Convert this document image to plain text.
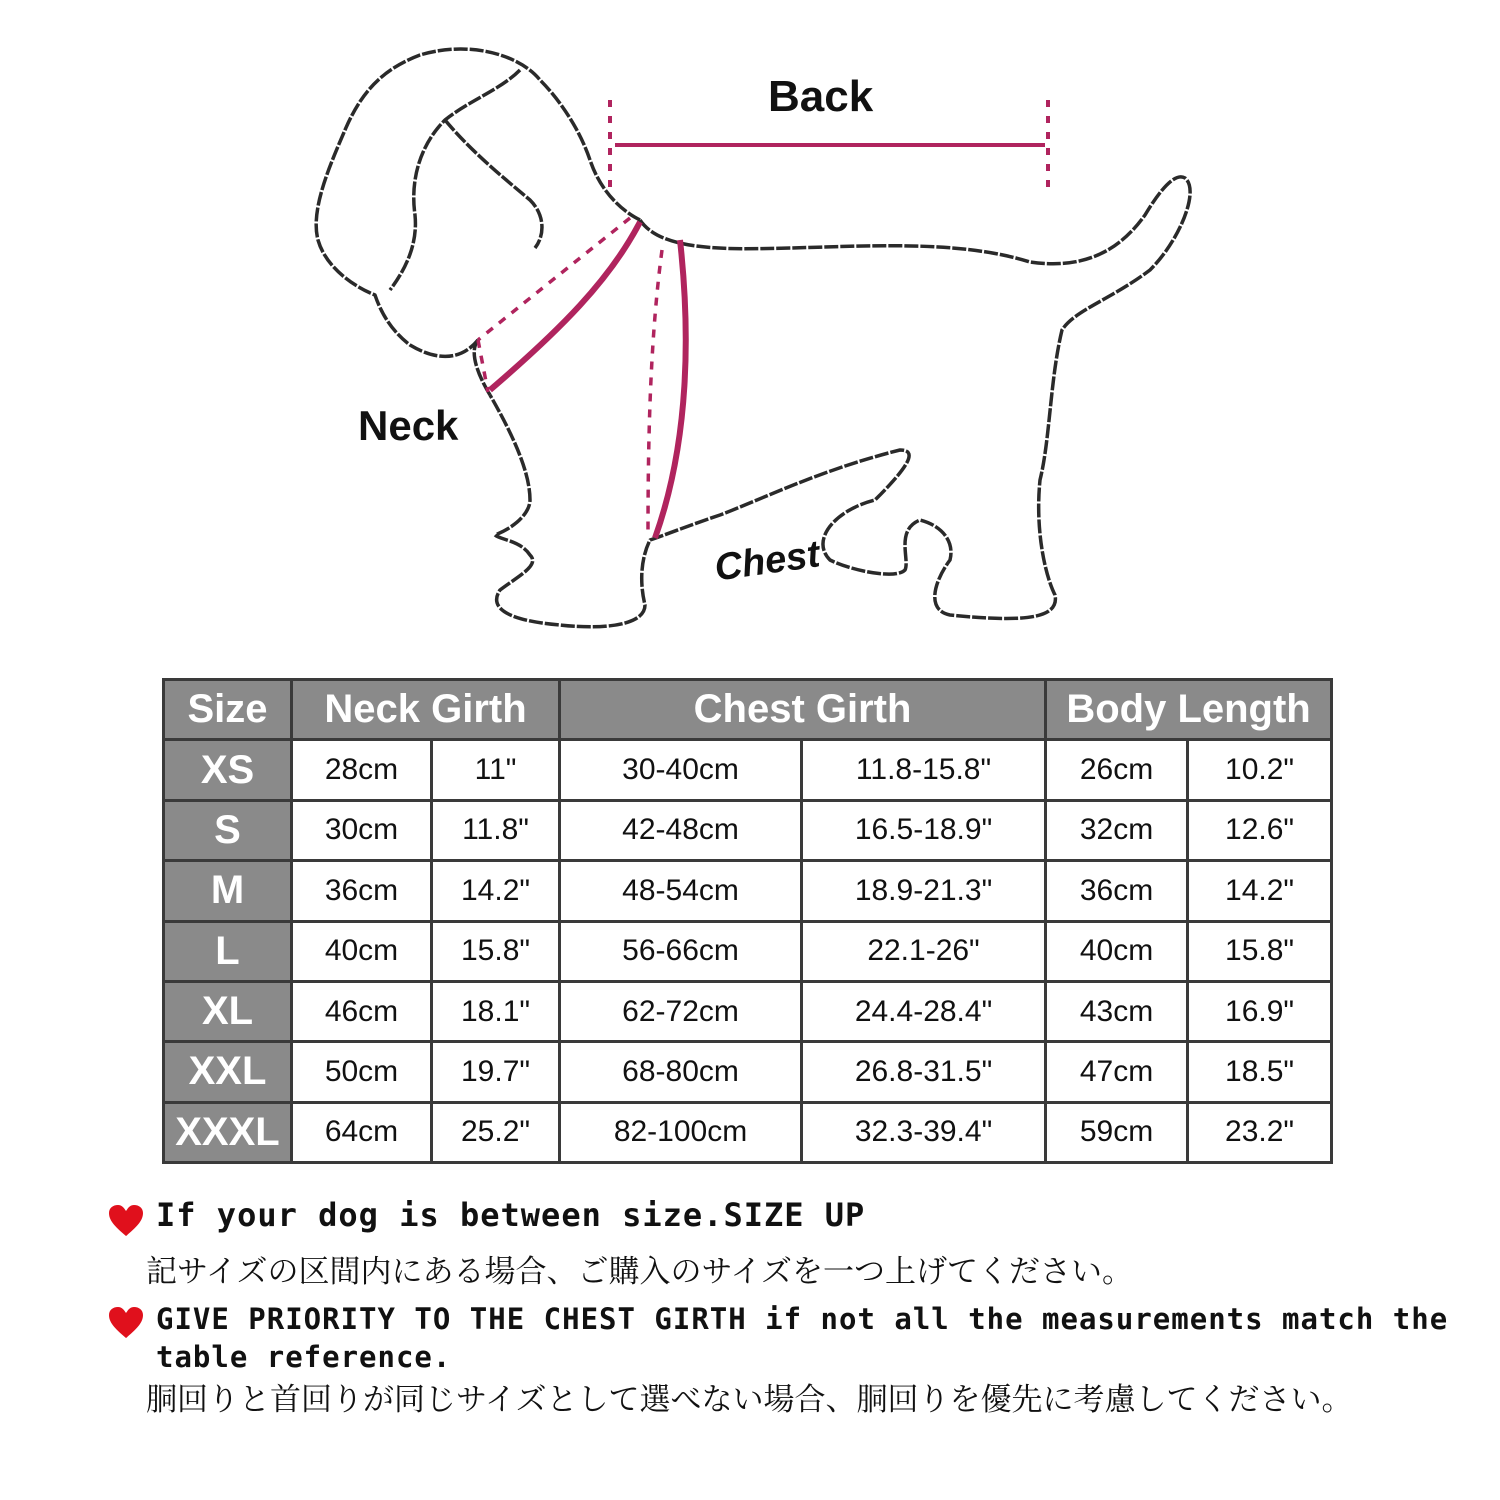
Back
Neck
Chest
Size	Neck Girth		Chest Girth		Body Length	
XS	28cm	11"	30-40cm	11.8-15.8"	26cm	10.2"
S	30cm	11.8"	42-48cm	16.5-18.9"	32cm	12.6"
M	36cm	14.2"	48-54cm	18.9-21.3"	36cm	14.2"
L	40cm	15.8"	56-66cm	22.1-26"	40cm	15.8"
XL	46cm	18.1"	62-72cm	24.4-28.4"	43cm	16.9"
XXL	50cm	19.7"	68-80cm	26.8-31.5"	47cm	18.5"
XXXL	64cm	25.2"	82-100cm	32.3-39.4"	59cm	23.2"
If your dog is between size.SIZE UP
記サイズの区間内にある場合、ご購入のサイズを一つ上げてください。
GIVE PRIORITY TO THE CHEST GIRTH if not all the measurements match the table reference.
胴回りと首回りが同じサイズとして選べない場合、胴回りを優先に考慮してください。
